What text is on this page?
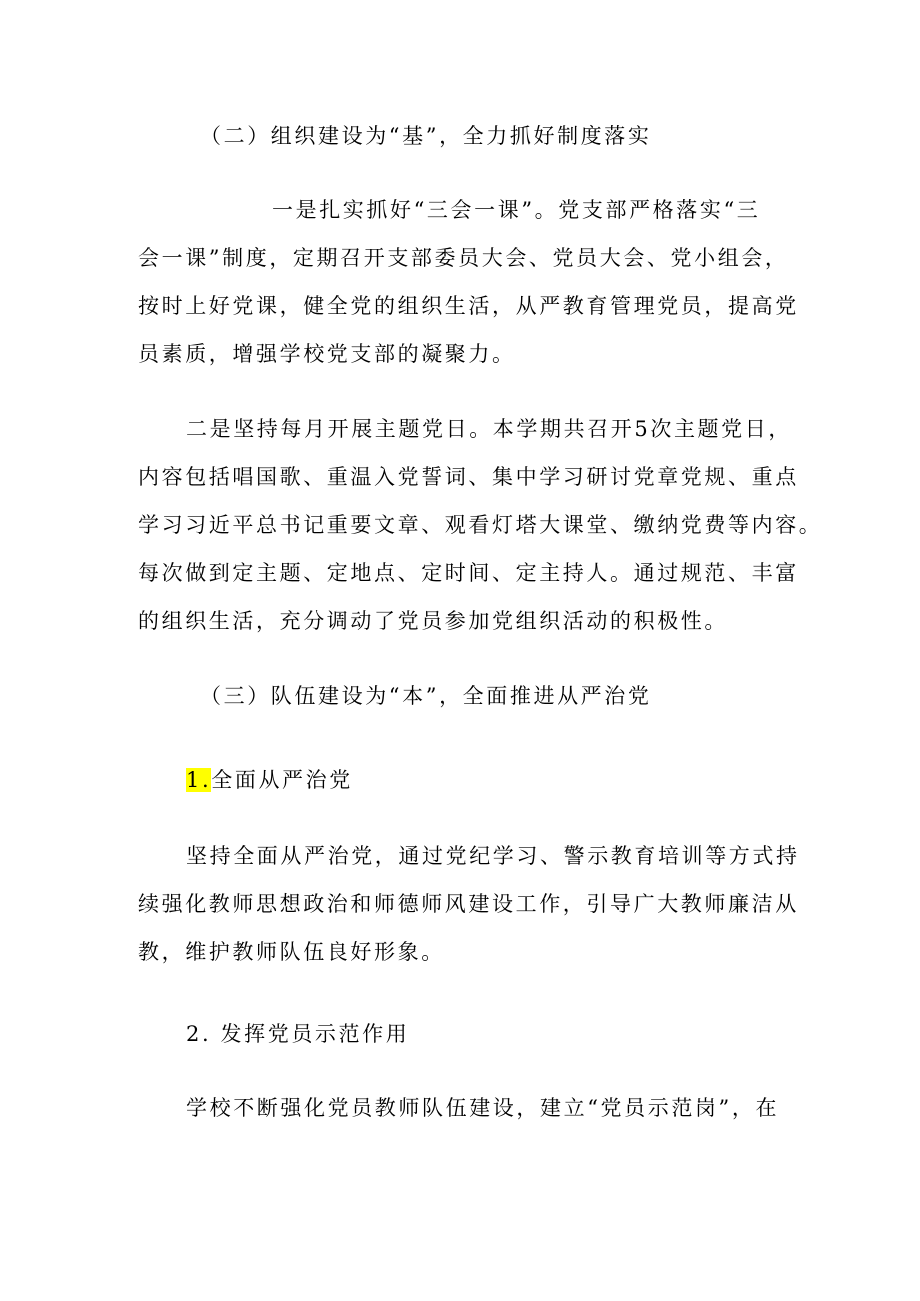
（二）组织建设为“基”，全力抓好制度落实
一是扎实抓好“三会一课”。党支部严格落实“三
会一课”制度，定期召开支部委员大会、党员大会、党小组会，
按时上好党课，健全党的组织生活，从严教育管理党员，提高党
员素质，增强学校党支部的凝聚力。
二是坚持每月开展主题党日。本学期共召开5次主题党日，
内容包括唱国歌、重温入党誓词、集中学习研讨党章党规、重点
学习习近平总书记重要文章、观看灯塔大课堂、缴纳党费等内容。
每次做到定主题、定地点、定时间、定主持人。通过规范、丰富
的组织生活，充分调动了党员参加党组织活动的积极性。
（三）队伍建设为“本”，全面推进从严治党
1.全面从严治党
坚持全面从严治党，通过党纪学习、警示教育培训等方式持
续强化教师思想政治和师德师风建设工作，引导广大教师廉洁从
教，维护教师队伍良好形象。
2. 发挥党员示范作用
学校不断强化党员教师队伍建设，建立“党员示范岗”，在
